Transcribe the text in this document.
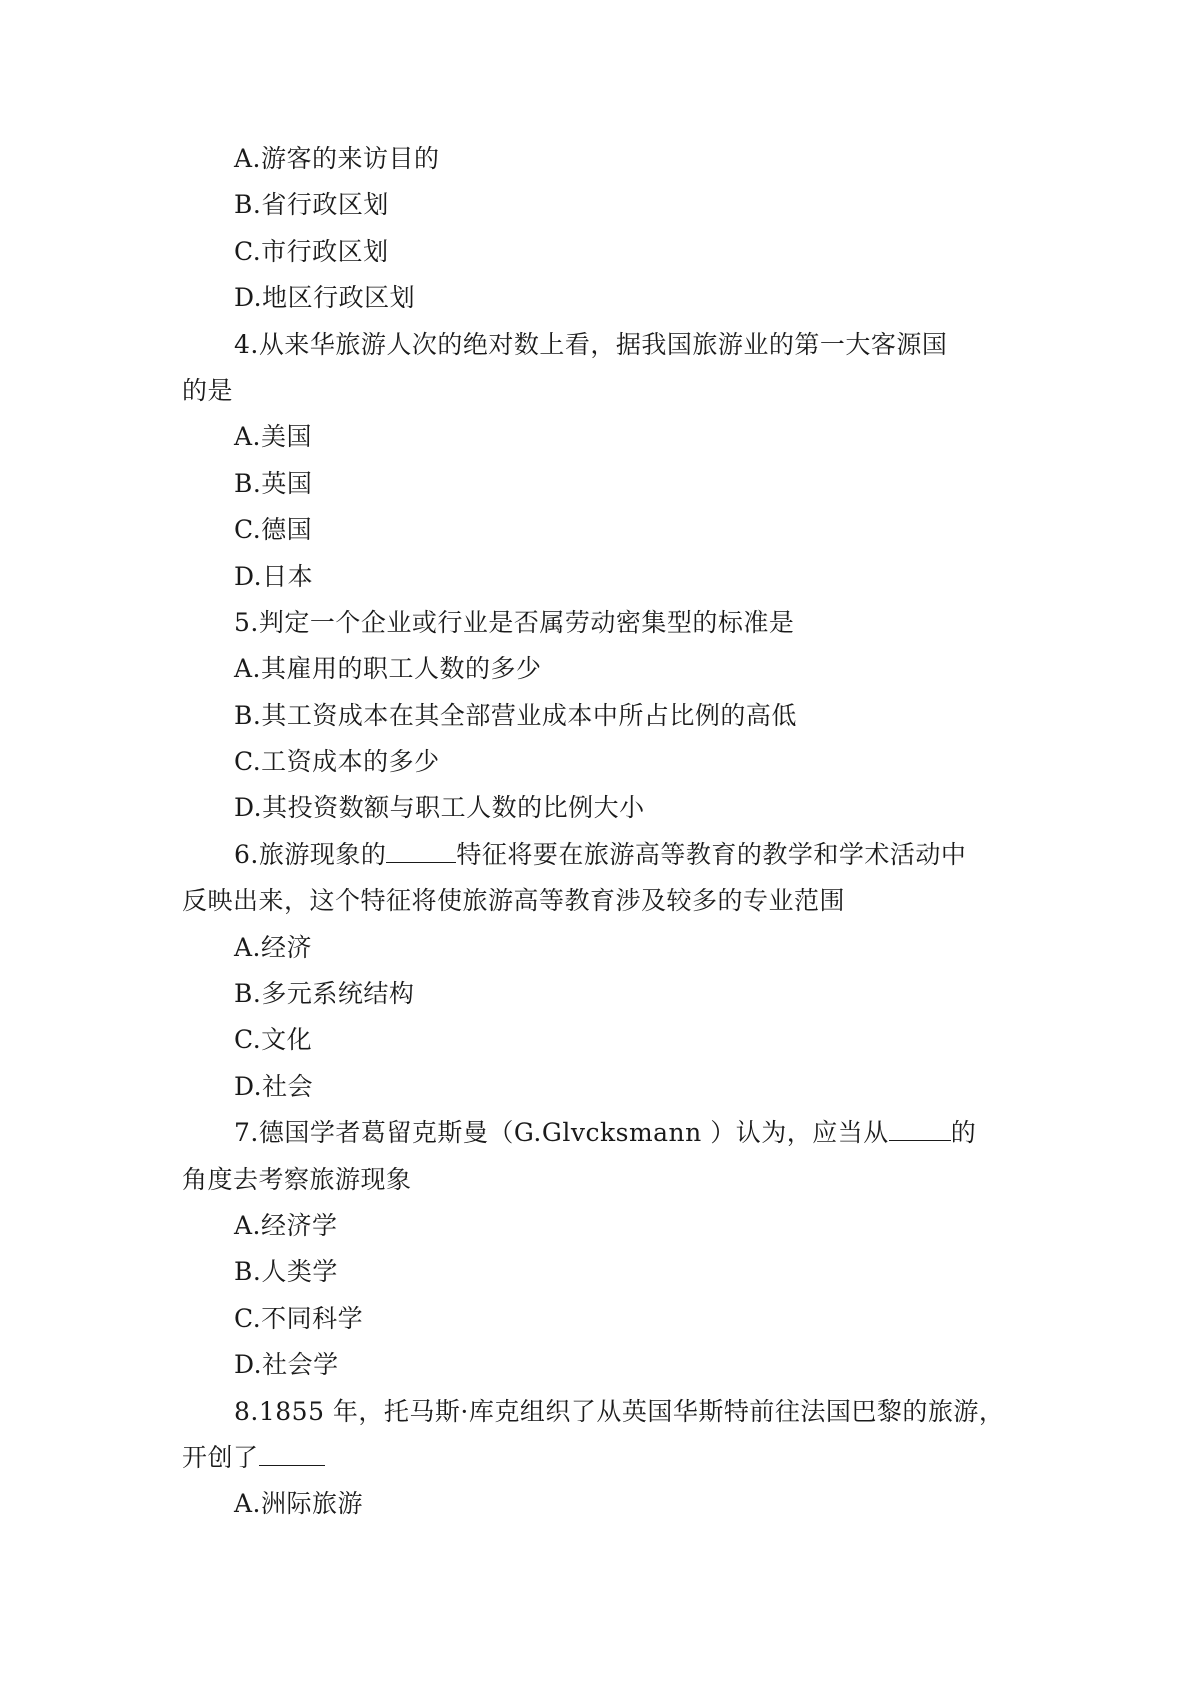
A.游客的来访目的
B.省行政区划
C.市行政区划
D.地区行政区划
4.从来华旅游人次的绝对数上看，据我国旅游业的第一大客源国
的是
A.美国
B.英国
C.德国
D.日本
5.判定一个企业或行业是否属劳动密集型的标准是
A.其雇用的职工人数的多少
B.其工资成本在其全部营业成本中所占比例的高低
C.工资成本的多少
D.其投资数额与职工人数的比例大小
6.旅游现象的	特征将要在旅游高等教育的教学和学术活动中
反映出来，这个特征将使旅游高等教育涉及较多的专业范围
A.经济
B.多元系统结构
C.文化
D.社会
7.德国学者葛留克斯曼（G.Glvcksmann ）认为，应当从 的
角度去考察旅游现象
A.经济学
B.人类学
C.不同科学
D.社会学
8.1855 年，托马斯·库克组织了从英国华斯特前往法国巴黎的旅游，
开创了
A.洲际旅游
